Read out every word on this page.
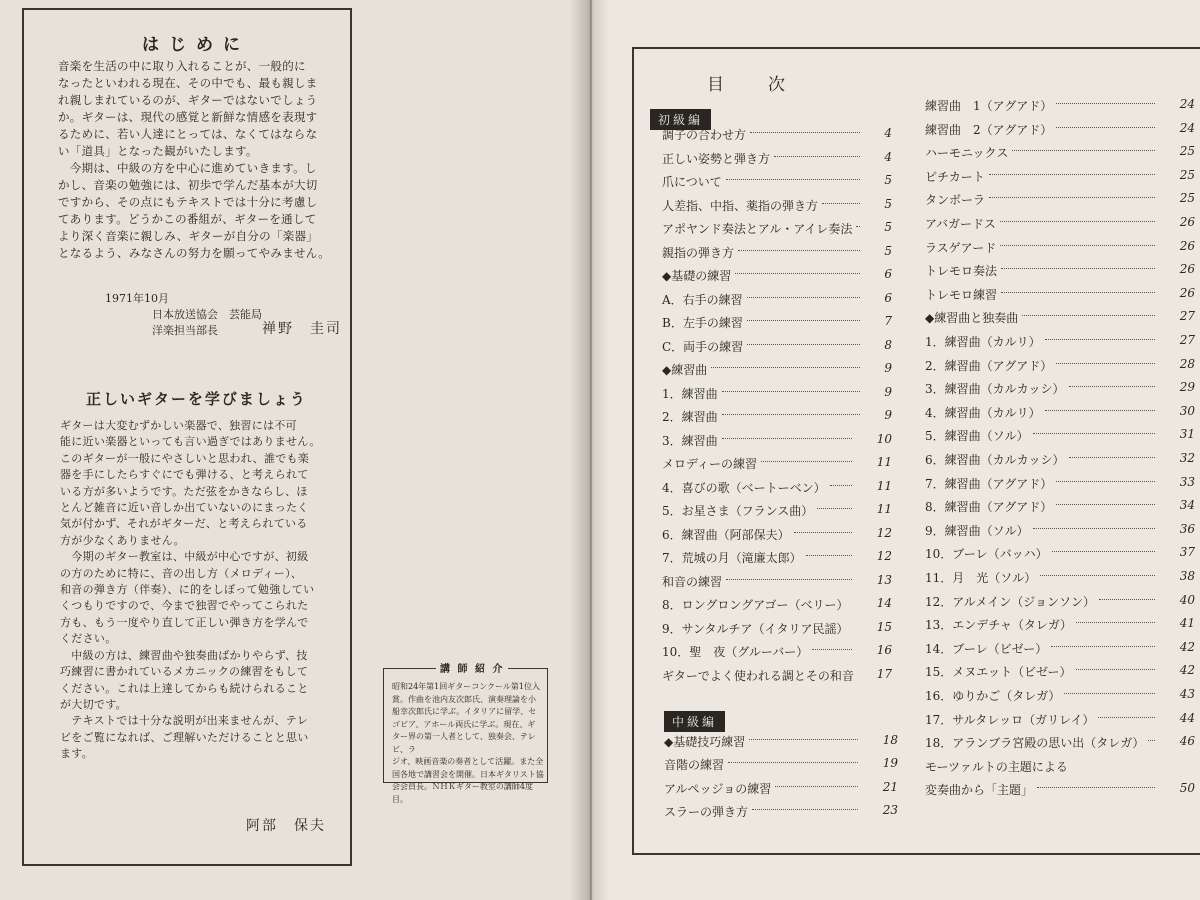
はじめに
音楽を生活の中に取り入れることが、一般的に
なったといわれる現在、その中でも、最も親しま
れ親しまれているのが、ギターではないでしょう
か。ギターは、現代の感覚と新鮮な情感を表現す
るために、若い人達にとっては、なくてはならな
い「道具」となった観がいたします。
　今期は、中級の方を中心に進めていきます。し
かし、音楽の勉強には、初歩で学んだ基本が大切
ですから、その点にもテキストでは十分に考慮し
てあります。どうかこの番組が、ギターを通して
より深く音楽に親しみ、ギターが自分の「楽器」
となるよう、みなさんの努力を願ってやみません。
1971年10月
日本放送協会　芸能局
洋楽担当部長	禅野　圭司
正しいギターを学びましょう
ギターは大変むずかしい楽器で、独習には不可
能に近い楽器といっても言い過ぎではありません。
このギターが一般にやさしいと思われ、誰でも楽
器を手にしたらすぐにでも弾ける、と考えられて
いる方が多いようです。ただ弦をかきならし、ほ
とんど雑音に近い音しか出ていないのにまったく
気が付かず、それがギターだ、と考えられている
方が少なくありません。
　今期のギター教室は、中級が中心ですが、初級
の方のために特に、音の出し方（メロディー）、
和音の弾き方（伴奏）、に的をしぼって勉強してい
くつもりですので、今まで独習でやってこられた
方も、もう一度やり直して正しい弾き方を学んで
ください。
　中級の方は、練習曲や独奏曲ばかりやらず、技
巧練習に書かれているメカニックの練習をもして
ください。これは上達してからも続けられること
が大切です。
　テキストでは十分な説明が出来ませんが、テレ
ビをご覧になれば、ご理解いただけることと思い
ます。
阿部　保夫
講 師 紹 介
昭和24年第1回ギターコンクール第1位入
賞。作曲を池内友次郎氏、演奏理論を小
船幸次郎氏に学ぶ。イタリアに留学、セ
ゴビア、アホール両氏に学ぶ。現在、ギ
ター界の第一人者として、独奏会、テレビ、ラ
ジオ、映画音楽の奏者として活躍。また全
国各地で講習会を開催。日本ギタリスト協
会会員長。ＮＨＫギター教室の講師4度目。
目次
初級編
中級編
調子の合わせ方	4
正しい姿勢と弾き方	4
爪について	5
人差指、中指、薬指の弾き方	5
アポヤンド奏法とアル・アイレ奏法	5
親指の弾き方	5
◆基礎の練習	6
A．右手の練習	6
B．左手の練習	7
C．両手の練習	8
◆練習曲	9
1．練習曲	9
2．練習曲	9
3．練習曲	10
メロディーの練習	11
4．喜びの歌（ベートーベン）	11
5．お星さま（フランス曲）	11
6．練習曲（阿部保夫）	12
7．荒城の月（滝廉太郎）	12
和音の練習	13
8．ロングロングアゴー（ベリー）	14
9．サンタルチア（イタリア民謡）	15
10．聖　夜（グルーバー）	16
ギターでよく使われる調とその和音	17
◆基礎技巧練習	18
音階の練習	19
アルペッジョの練習	21
スラーの弾き方	23
練習曲　1（アグアド）	24
練習曲　2（アグアド）	24
ハーモニックス	25
ピチカート	25
タンボーラ	25
アバガードス	26
ラスゲアード	26
トレモロ奏法	26
トレモロ練習	26
◆練習曲と独奏曲	27
1．練習曲（カルリ）	27
2．練習曲（アグアド）	28
3．練習曲（カルカッシ）	29
4．練習曲（カルリ）	30
5．練習曲（ソル）	31
6．練習曲（カルカッシ）	32
7．練習曲（アグアド）	33
8．練習曲（アグアド）	34
9．練習曲（ソル）	36
10．ブーレ（バッハ）	37
11．月　光（ソル）	38
12．アルメイン（ジョンソン）	40
13．エンデチャ（タレガ）	41
14．ブーレ（ビゼー）	42
15．メヌエット（ビゼー）	42
16．ゆりかご（タレガ）	43
17．サルタレッロ（ガリレイ）	44
18．アランブラ宮殿の思い出（タレガ）	46
モーツァルトの主題による
変奏曲から「主題」	50
